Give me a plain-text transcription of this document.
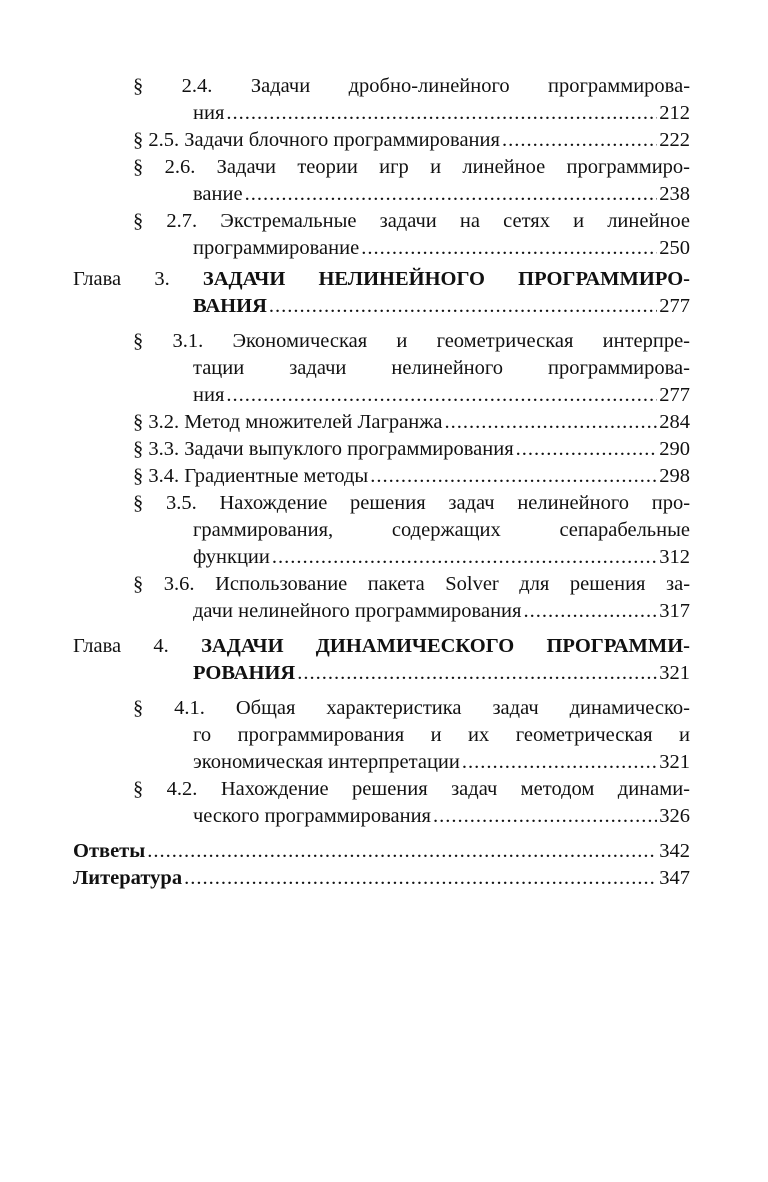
§ 2.4. Задачи дробно-линейного программирова-
ния .....	212
§ 2.5. Задачи блочного программирования .....	222
§ 2.6. Задачи теории игр и линейное программиро-
вание .....	238
§ 2.7. Экстремальные задачи на сетях и линейное
программирование .....	250
Глава 3. ЗАДАЧИ НЕЛИНЕЙНОГО ПРОГРАММИРО-
ВАНИЯ .....	277
§ 3.1. Экономическая и геометрическая интерпре-
тации задачи нелинейного программирова-
ния .....	277
§ 3.2. Метод множителей Лагранжа .....	284
§ 3.3. Задачи выпуклого программирования .....	290
§ 3.4. Градиентные методы .....	298
§ 3.5. Нахождение решения задач нелинейного про-
граммирования, содержащих сепарабельные
функции .....	312
§ 3.6. Использование пакета Solver для решения за-
дачи нелинейного программирования .....	317
Глава 4. ЗАДАЧИ ДИНАМИЧЕСКОГО ПРОГРАММИ-
РОВАНИЯ .....	321
§ 4.1. Общая характеристика задач динамическо-
го программирования и их геометрическая и
экономическая интерпретации .....	321
§ 4.2. Нахождение решения задач методом динами-
ческого программирования .....	326
Ответы .....	342
Литература .....	347
